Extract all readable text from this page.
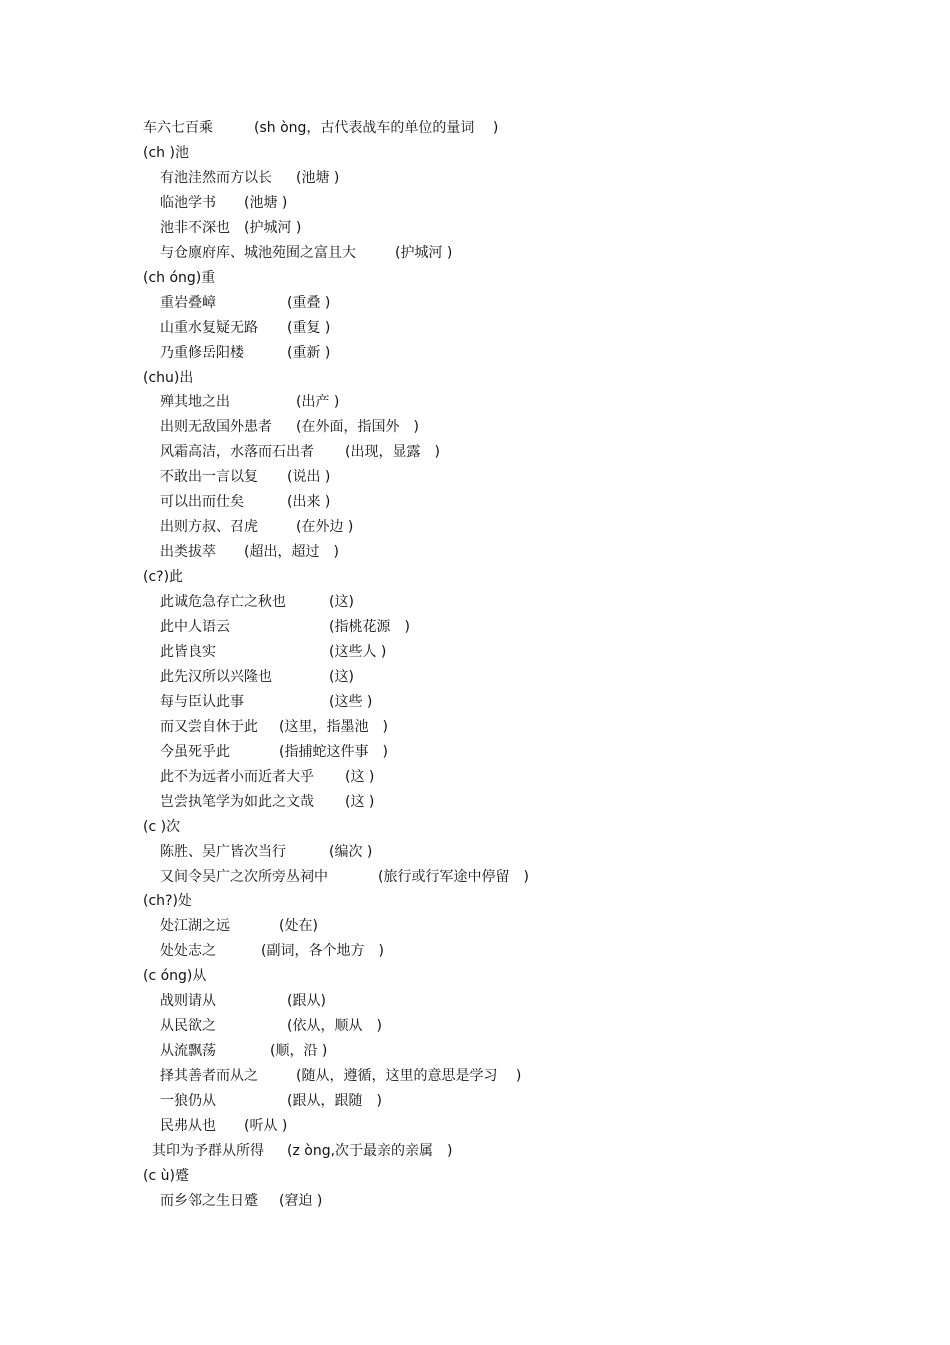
车六七百乘	(sh òng，古代表战车的单位的量词　 )
(ch )池
有池洼然而方以长 (池塘 )
临池学书 (池塘 )
池非不深也 (护城河 )
与仓廪府库、城池苑囿之富且大	(护城河 )
(ch óng)重
重岩叠嶂	(重叠 )
山重水复疑无路 (重复 )
乃重修岳阳楼	(重新 )
(chu)出
殚其地之出	(出产 )
出则无敌国外患者 (在外面，指国外　)
风霜高洁，水落而石出者 (出现，显露　)
不敢出一言以复 (说出 )
可以出而仕矣	(出来 )
出则方叔、召虎	(在外边 )
出类拔萃 (超出，超过　)
(c?)此
此诚危急存亡之秋也	(这)
此中人语云	(指桃花源　)
此皆良实	(这些人 )
此先汉所以兴隆也	(这)
每与臣认此事	(这些 )
而又尝自休于此 (这里，指墨池　)
今虽死乎此	(指捕蛇这件事　)
此不为远者小而近者大乎 (这 )
岂尝执笔学为如此之文哉 (这 )
(c )次
陈胜、吴广皆次当行	(编次 )
又间令吴广之次所旁丛祠中	(旅行或行军途中停留　)
(ch?)处
处江湖之远	(处在)
处处志之	(副词，各个地方　)
(c óng)从
战则请从	(跟从)
从民欲之	(依从，顺从　)
从流飘荡	(顺，沿 )
择其善者而从之	(随从，遵循，这里的意思是学习　 )
一狼仍从	(跟从，跟随　)
民弗从也 (听从 )
其印为予群从所得 (z òng,次于最亲的亲属　)
(c ù)蹙
而乡邻之生日蹙 (窘迫 )
